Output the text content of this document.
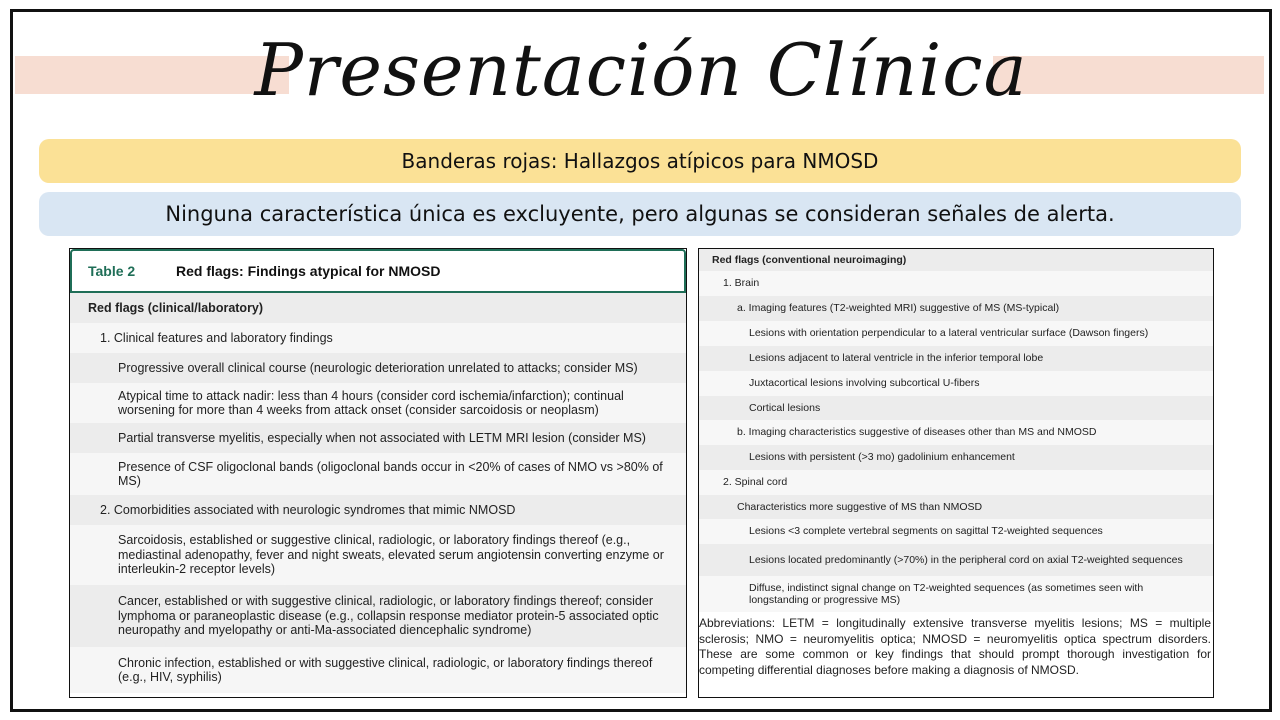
Presentación Clínica
Banderas rojas: Hallazgos atípicos para NMOSD
Ninguna característica única es excluyente, pero algunas se consideran señales de alerta.
Table 2	Red flags: Findings atypical for NMOSD
Red flags (clinical/laboratory)
1. Clinical features and laboratory findings
Progressive overall clinical course (neurologic deterioration unrelated to attacks; consider MS)
Atypical time to attack nadir: less than 4 hours (consider cord ischemia/infarction); continual worsening for more than 4 weeks from attack onset (consider sarcoidosis or neoplasm)
Partial transverse myelitis, especially when not associated with LETM MRI lesion (consider MS)
Presence of CSF oligoclonal bands (oligoclonal bands occur in <20% of cases of NMO vs >80% of MS)
2. Comorbidities associated with neurologic syndromes that mimic NMOSD
Sarcoidosis, established or suggestive clinical, radiologic, or laboratory findings thereof (e.g., mediastinal adenopathy, fever and night sweats, elevated serum angiotensin converting enzyme or interleukin-2 receptor levels)
Cancer, established or with suggestive clinical, radiologic, or laboratory findings thereof; consider lymphoma or paraneoplastic disease (e.g., collapsin response mediator protein-5 associated optic neuropathy and myelopathy or anti-Ma-associated diencephalic syndrome)
Chronic infection, established or with suggestive clinical, radiologic, or laboratory findings thereof (e.g., HIV, syphilis)
Red flags (conventional neuroimaging)
1. Brain
a. Imaging features (T2-weighted MRI) suggestive of MS (MS-typical)
Lesions with orientation perpendicular to a lateral ventricular surface (Dawson fingers)
Lesions adjacent to lateral ventricle in the inferior temporal lobe
Juxtacortical lesions involving subcortical U-fibers
Cortical lesions
b. Imaging characteristics suggestive of diseases other than MS and NMOSD
Lesions with persistent (>3 mo) gadolinium enhancement
2. Spinal cord
Characteristics more suggestive of MS than NMOSD
Lesions <3 complete vertebral segments on sagittal T2-weighted sequences
Lesions located predominantly (>70%) in the peripheral cord on axial T2-weighted sequences
Diffuse, indistinct signal change on T2-weighted sequences (as sometimes seen with longstanding or progressive MS)
Abbreviations: LETM = longitudinally extensive transverse myelitis lesions; MS = multiple sclerosis; NMO = neuromyelitis optica; NMOSD = neuromyelitis optica spectrum disorders. These are some common or key findings that should prompt thorough investigation for competing differential diagnoses before making a diagnosis of NMOSD.
